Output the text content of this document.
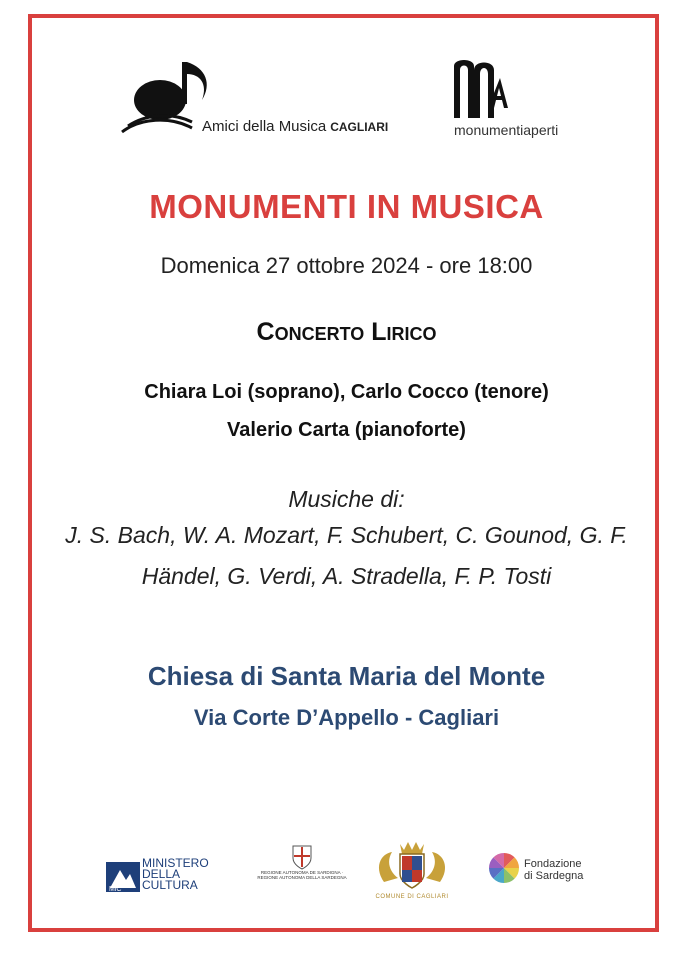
Amici della Musica CAGLIARI	monumentiaperti
MONUMENTI IN MUSICA
Domenica 27 ottobre 2024 - ore 18:00
Concerto Lirico
Chiara Loi (soprano), Carlo Cocco (tenore)
Valerio Carta (pianoforte)
Musiche di:
J. S. Bach, W. A. Mozart, F. Schubert, C. Gounod, G. F.
Händel, G. Verdi, A. Stradella, F. P. Tosti
Chiesa di Santa Maria del Monte
Via Corte D’Appello - Cagliari
MiC
MINISTERO
DELLA
CULTURA
REGIONE AUTONOMA DE SARDIGNA · REGIONE AUTONOMA DELLA SARDEGNA
COMUNE DI CAGLIARI
Fondazione
di Sardegna
